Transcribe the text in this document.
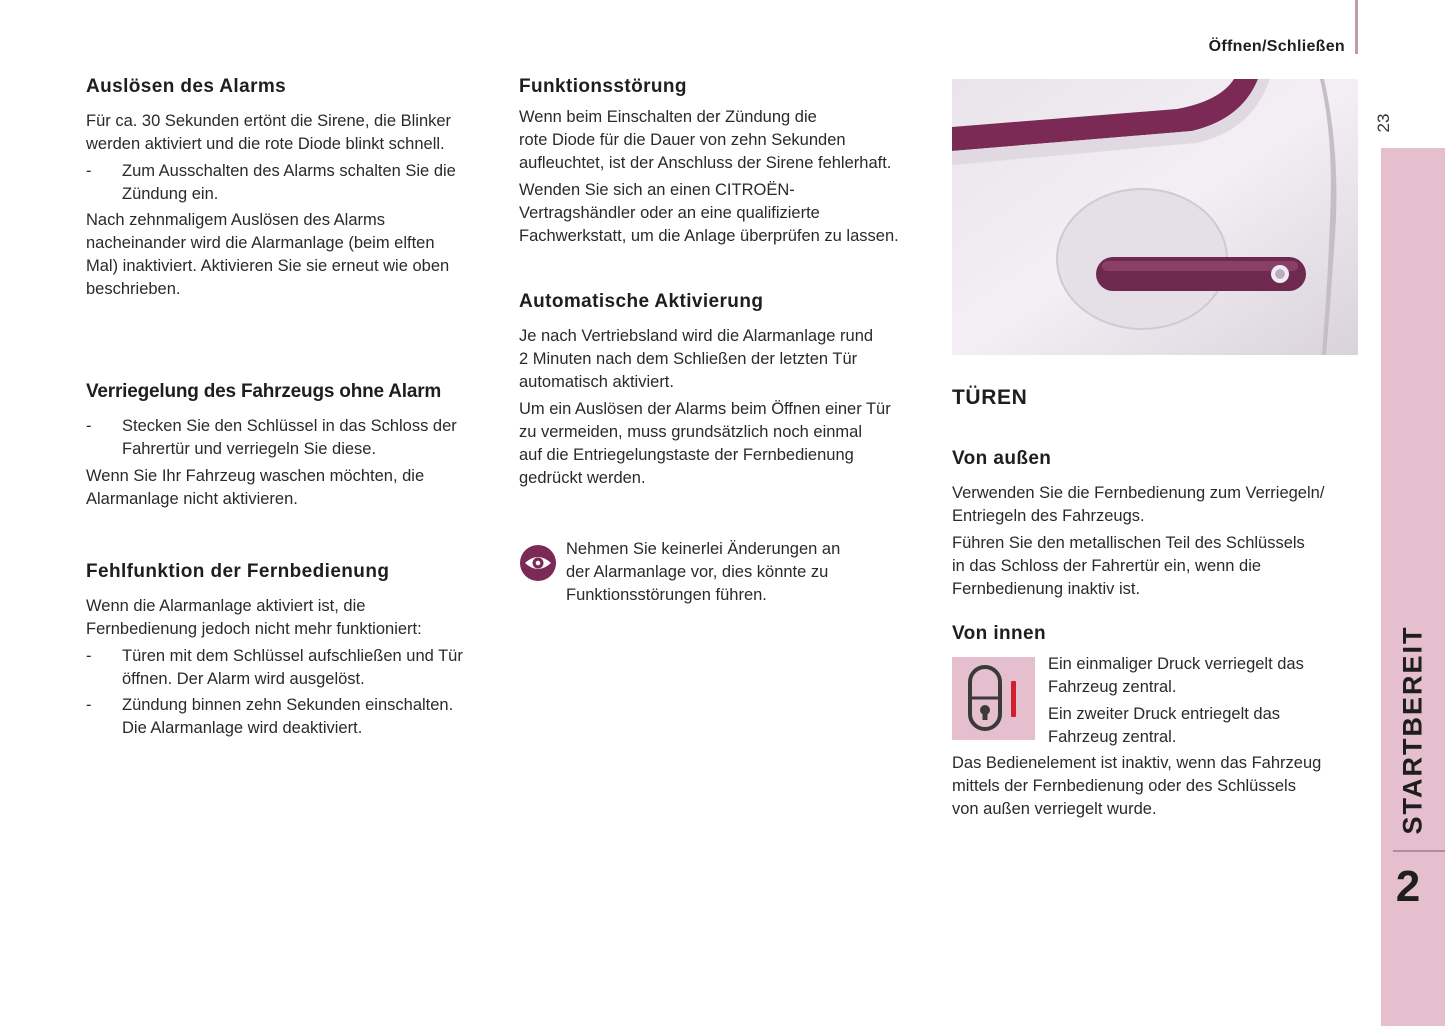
Öffnen/Schließen
23
STARTBEREIT
2
Auslösen des Alarms

Für ca. 30 Sekunden ertönt die Sirene, die Blinker
werden aktiviert und die rote Diode blinkt schnell.

- Zum Ausschalten des Alarms schalten Sie die
Zündung ein.

Nach zehnmaligem Auslösen des Alarms
nacheinander wird die Alarmanlage (beim elften
Mal) inaktiviert. Aktivieren Sie sie erneut wie oben
beschrieben.

Verriegelung des Fahrzeugs ohne Alarm
- Stecken Sie den Schlüssel in das Schloss der
Fahrertür und verriegeln Sie diese.

Wenn Sie Ihr Fahrzeug waschen möchten, die
Alarmanlage nicht aktivieren.

Fehlfunktion der Fernbedienung

Wenn die Alarmanlage aktiviert ist, die
Fernbedienung jedoch nicht mehr funktioniert:

- Türen mit dem Schlüssel aufschließen und Tür
öffnen. Der Alarm wird ausgelöst.
- Zündung binnen zehn Sekunden einschalten.
Die Alarmanlage wird deaktiviert.
Funktionsstörung

Wenn beim Einschalten der Zündung die
rote Diode für die Dauer von zehn Sekunden
aufleuchtet, ist der Anschluss der Sirene fehlerhaft.

Wenden Sie sich an einen CITROËN-
Vertragshändler oder an eine qualifizierte
Fachwerkstatt, um die Anlage überprüfen zu lassen.

Automatische Aktivierung

Je nach Vertriebsland wird die Alarmanlage rund
2 Minuten nach dem Schließen der letzten Tür
automatisch aktiviert.

Um ein Auslösen der Alarms beim Öffnen einer Tür
zu vermeiden, muss grundsätzlich noch einmal
auf die Entriegelungstaste der Fernbedienung
gedrückt werden.

Nehmen Sie keinerlei Änderungen an
der Alarmanlage vor, dies könnte zu
Funktionsstörungen führen.

TÜREN
Von außen

Verwenden Sie die Fernbedienung zum Verriegeln/
Entriegeln des Fahrzeugs.

Führen Sie den metallischen Teil des Schlüssels
in das Schloss der Fahrertür ein, wenn die
Fernbedienung inaktiv ist.

Von innen

Ein einmaliger Druck verriegelt das
Fahrzeug zentral.

Ein zweiter Druck entriegelt das
Fahrzeug zentral.

Das Bedienelement ist inaktiv, wenn das Fahrzeug
mittels der Fernbedienung oder des Schlüssels
von außen verriegelt wurde.
